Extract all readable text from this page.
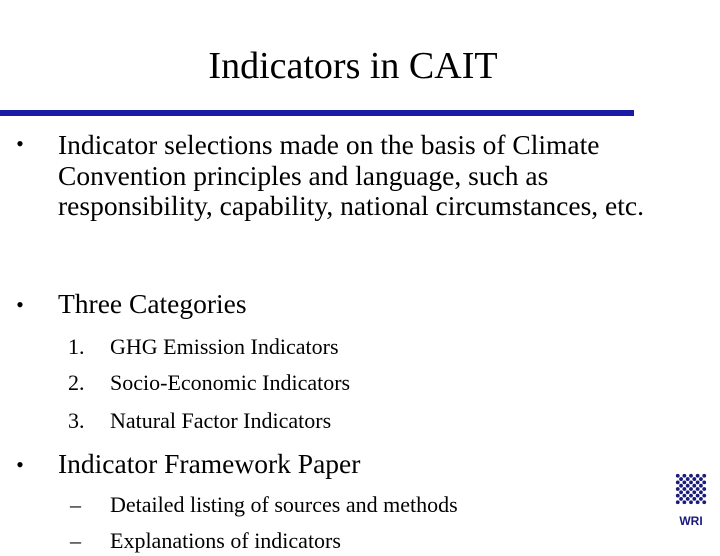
Indicators in CAIT
• Indicator selections made on the basis of Climate Convention principles and language, such as responsibility, capability, national circumstances, etc.
• Three Categories
1.	GHG Emission Indicators
2.	Socio-Economic Indicators
3.	Natural Factor Indicators
• Indicator Framework Paper
–	Detailed listing of sources and methods
–	Explanations of indicators
WRI
